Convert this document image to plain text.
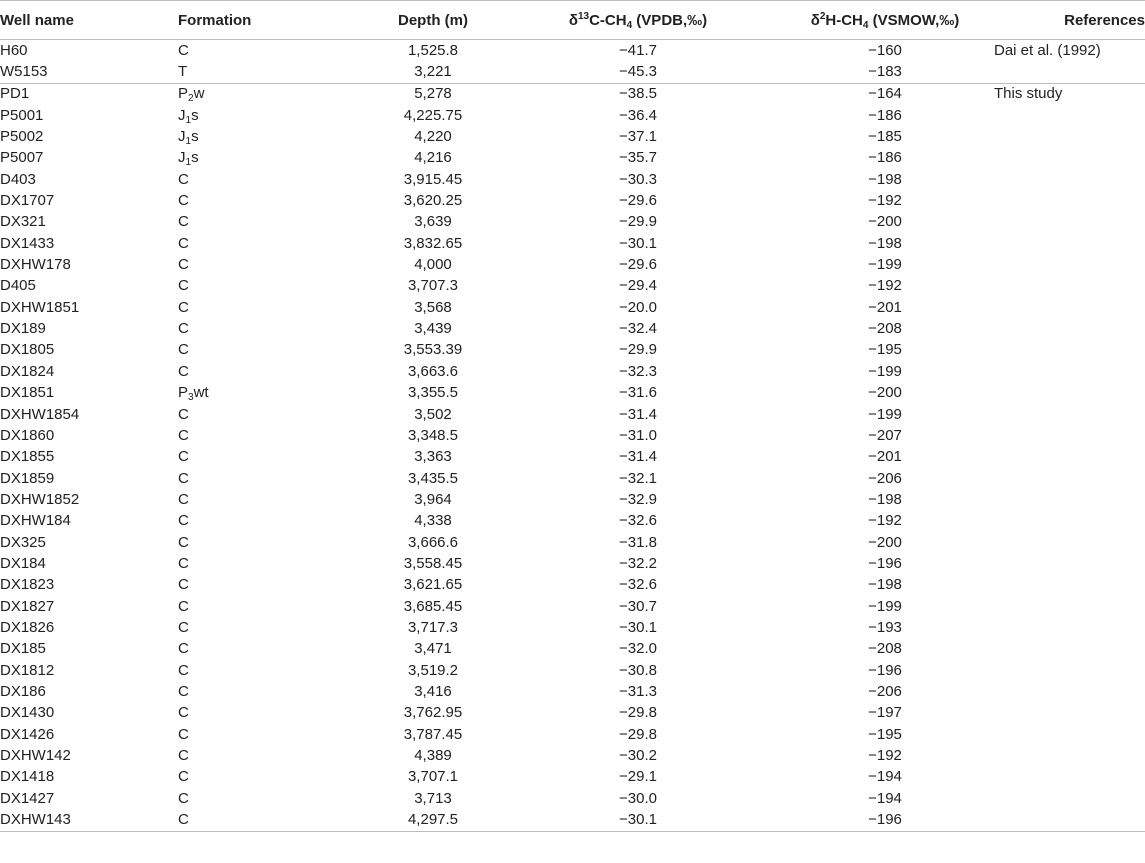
Well name	Formation	Depth (m)	$\delta^{13}C-CH_4$ (VPDB,‰)	$\delta^2H-CH_4$ (VSMOW,‰)	References
H60	C	1,525.8	−41.7	−160	Dai et al. (1992)
W5153	T	3,221	−45.3	−183	
PD1	$P_2w$	5,278	−38.5	−164	This study
P5001	$J_1s$	4,225.75	−36.4	−186	
P5002	$J_1s$	4,220	−37.1	−185	
P5007	$J_1s$	4,216	−35.7	−186	
D403	C	3,915.45	−30.3	−198	
DX1707	C	3,620.25	−29.6	−192	
DX321	C	3,639	−29.9	−200	
DX1433	C	3,832.65	−30.1	−198	
DXHW178	C	4,000	−29.6	−199	
D405	C	3,707.3	−29.4	−192	
DXHW1851	C	3,568	−20.0	−201	
DX189	C	3,439	−32.4	−208	
DX1805	C	3,553.39	−29.9	−195	
DX1824	C	3,663.6	−32.3	−199	
DX1851	$P_3wt$	3,355.5	−31.6	−200	
DXHW1854	C	3,502	−31.4	−199	
DX1860	C	3,348.5	−31.0	−207	
DX1855	C	3,363	−31.4	−201	
DX1859	C	3,435.5	−32.1	−206	
DXHW1852	C	3,964	−32.9	−198	
DXHW184	C	4,338	−32.6	−192	
DX325	C	3,666.6	−31.8	−200	
DX184	C	3,558.45	−32.2	−196	
DX1823	C	3,621.65	−32.6	−198	
DX1827	C	3,685.45	−30.7	−199	
DX1826	C	3,717.3	−30.1	−193	
DX185	C	3,471	−32.0	−208	
DX1812	C	3,519.2	−30.8	−196	
DX186	C	3,416	−31.3	−206	
DX1430	C	3,762.95	−29.8	−197	
DX1426	C	3,787.45	−29.8	−195	
DXHW142	C	4,389	−30.2	−192	
DX1418	C	3,707.1	−29.1	−194	
DX1427	C	3,713	−30.0	−194	
DXHW143	C	4,297.5	−30.1	−196	
